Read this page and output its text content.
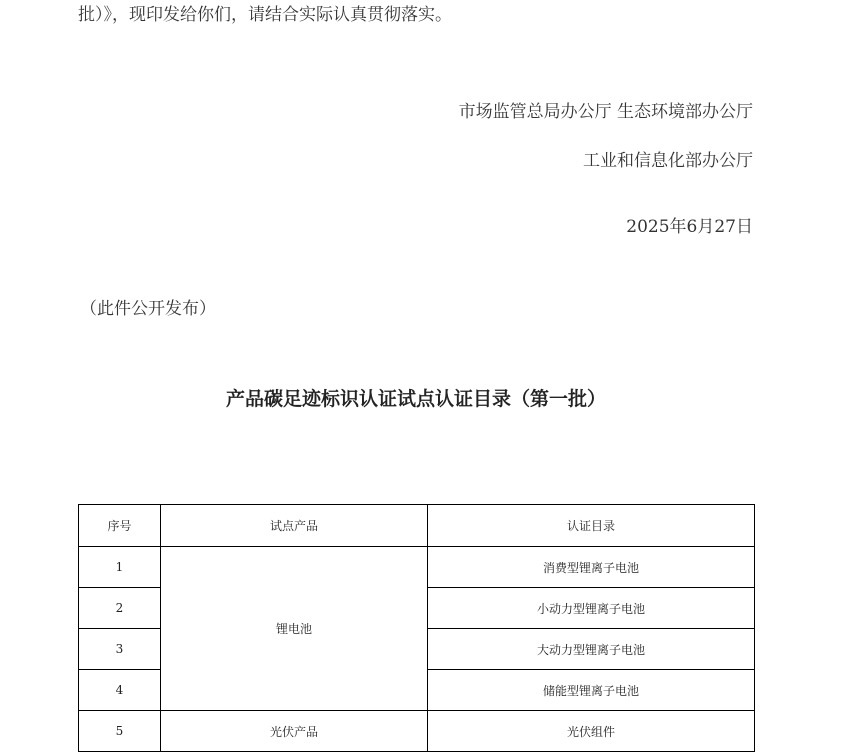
批）》，现印发给你们，请结合实际认真贯彻落实。
市场监管总局办公厅 生态环境部办公厅
工业和信息化部办公厅
2025年6月27日
（此件公开发布）
产品碳足迹标识认证试点认证目录（第一批）
序号	试点产品	认证目录
1	锂电池	消费型锂离子电池
2		小动力型锂离子电池
3		大动力型锂离子电池
4		储能型锂离子电池
5	光伏产品	光伏组件
